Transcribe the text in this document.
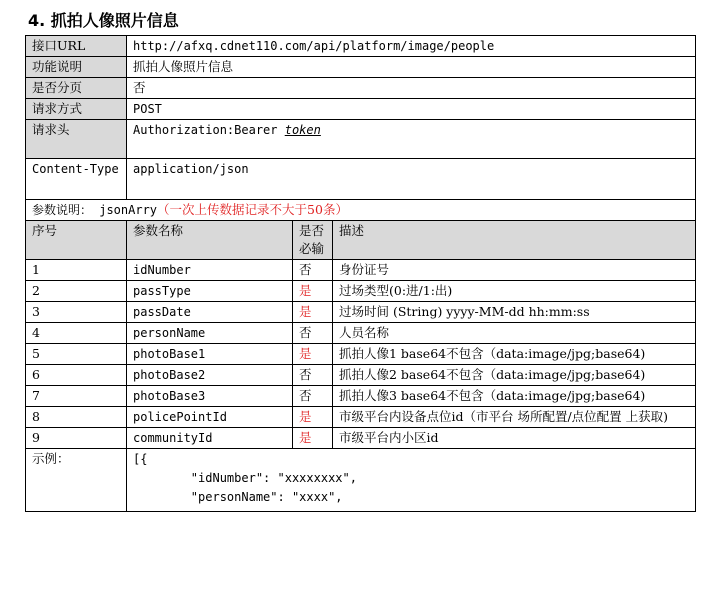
4. 抓拍人像照片信息
接口URL	http://afxq.cdnet110.com/api/platform/image/people		
功能说明	抓拍人像照片信息		
是否分页	否		
请求方式	POST		
请求头	Authorization:Bearer token		
Content-Type	application/json		
参数说明： jsonArry（一次上传数据记录不大于50条）			
序号	参数名称	是否必输	描述
1	idNumber	否	身份证号
2	passType	是	过场类型(0:进/1:出)
3	passDate	是	过场时间 (String) yyyy-MM-dd hh:mm:ss
4	personName	否	人员名称
5	photoBase1	是	抓拍人像1 base64不包含（data:image/jpg;base64)
6	photoBase2	否	抓拍人像2 base64不包含（data:image/jpg;base64)
7	photoBase3	否	抓拍人像3 base64不包含（data:image/jpg;base64)
8	policePointId	是	市级平台内设备点位id（市平台 场所配置/点位配置 上获取)
9	communityId	是	市级平台内小区id
示例：	[{
"idNumber": "xxxxxxxx",
"personName": "xxxx",		
